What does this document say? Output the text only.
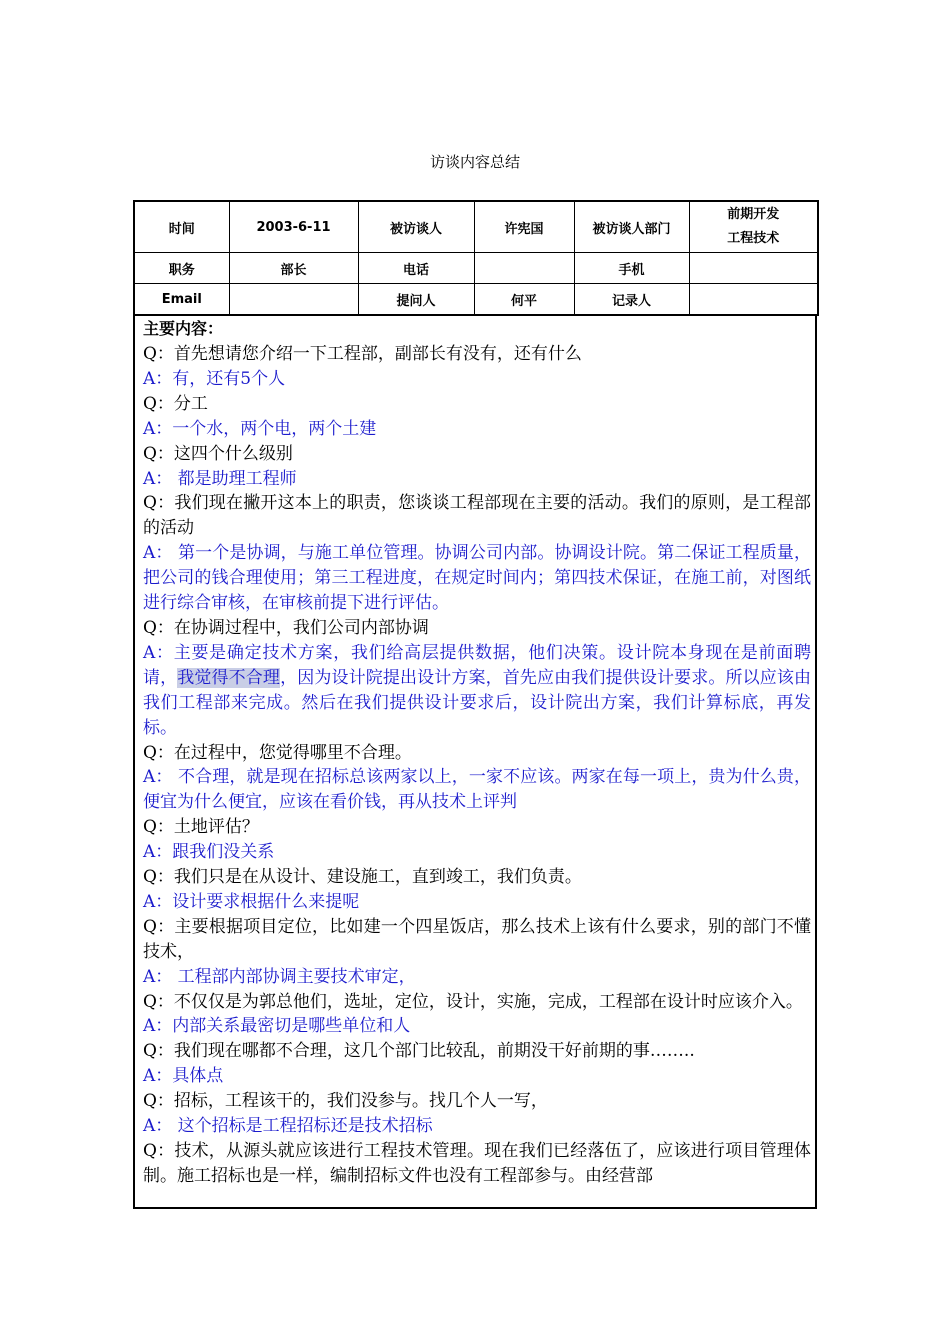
访谈内容总结
时间	2003-6-11	被访谈人	许宪国	被访谈人部门	前期开发
工程技术

职务	部长	电话		手机	
Email		提问人	何平	记录人	
主要内容：
Q：首先想请您介绍一下工程部，副部长有没有，还有什么
A：有，还有5个人
Q：分工
A：一个水，两个电，两个土建
Q：这四个什么级别
A： 都是助理工程师
Q：我们现在撇开这本上的职责，您谈谈工程部现在主要的活动。我们的原则，是工程部的活动
A： 第一个是协调，与施工单位管理。协调公司内部。协调设计院。第二保证工程质量，把公司的钱合理使用；第三工程进度，在规定时间内；第四技术保证，在施工前，对图纸进行综合审核，在审核前提下进行评估。
Q：在协调过程中，我们公司内部协调
A：主要是确定技术方案，我们给高层提供数据，他们决策。设计院本身现在是前面聘请，我觉得不合理，因为设计院提出设计方案，首先应由我们提供设计要求。所以应该由我们工程部来完成。然后在我们提供设计要求后，设计院出方案，我们计算标底，再发标。
Q：在过程中，您觉得哪里不合理。
A： 不合理，就是现在招标总该两家以上，一家不应该。两家在每一项上，贵为什么贵，便宜为什么便宜，应该在看价钱，再从技术上评判
Q：土地评估？
A：跟我们没关系
Q：我们只是在从设计、建设施工，直到竣工，我们负责。
A：设计要求根据什么来提呢
Q：主要根据项目定位，比如建一个四星饭店，那么技术上该有什么要求，别的部门不懂技术，
A： 工程部内部协调主要技术审定，
Q：不仅仅是为郭总他们，选址，定位，设计，实施，完成，工程部在设计时应该介入。
A：内部关系最密切是哪些单位和人
Q：我们现在哪都不合理，这几个部门比较乱，前期没干好前期的事……..
A：具体点
Q：招标，工程该干的，我们没参与。找几个人一写，
A： 这个招标是工程招标还是技术招标
Q：技术，从源头就应该进行工程技术管理。现在我们已经落伍了，应该进行项目管理体制。施工招标也是一样，编制招标文件也没有工程部参与。由经营部
